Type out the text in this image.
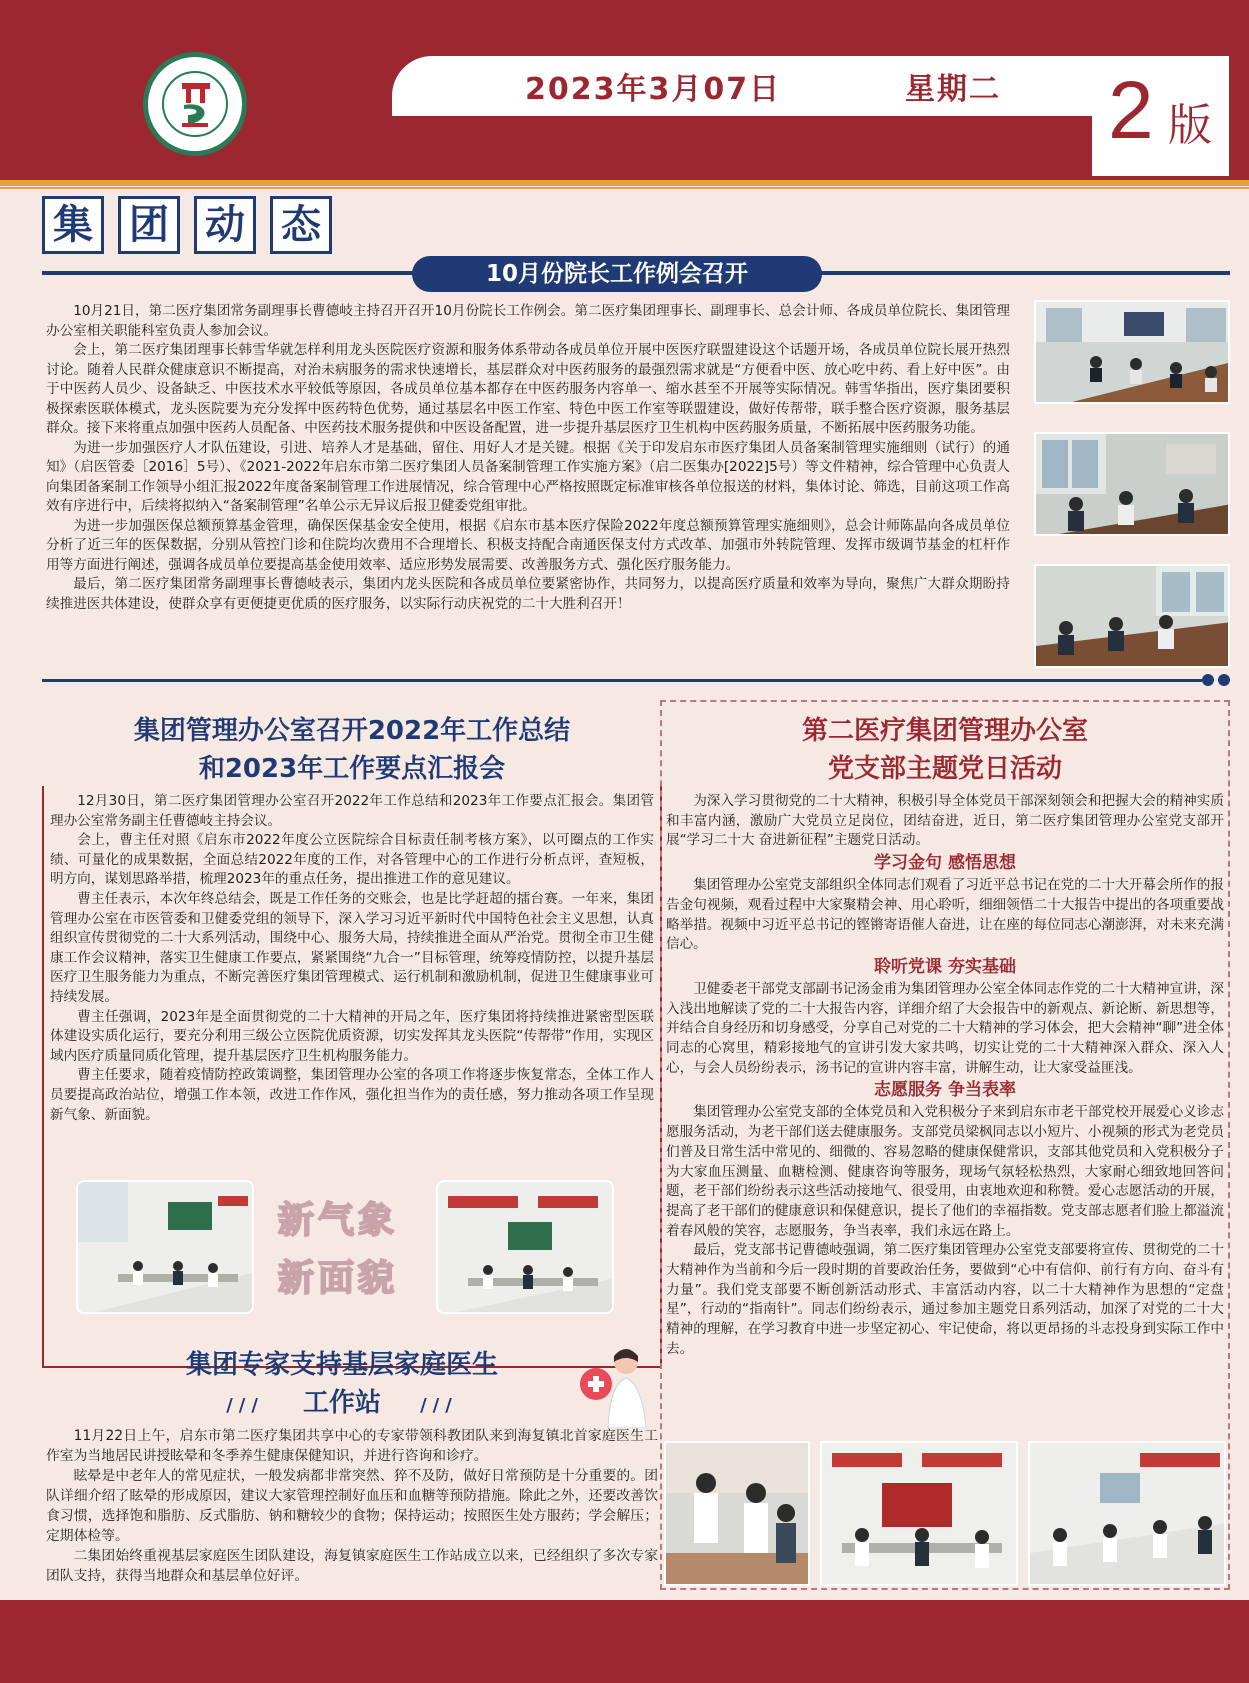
2023年3月07日	星期二 2 版
集 团 动 态
10月份院长工作例会召开

10月21日，第二医疗集团常务副理事长曹德岐主持召开召开10月份院长工作例会。第二医疗集团理事长、副理事长、总会计师、各成员单位院长、集团管理办公室相关职能科室负责人参加会议。

会上，第二医疗集团理事长韩雪华就怎样利用龙头医院医疗资源和服务体系带动各成员单位开展中医医疗联盟建设这个话题开场，各成员单位院长展开热烈讨论。随着人民群众健康意识不断提高，对治未病服务的需求快速增长，基层群众对中医药服务的最强烈需求就是“方便看中医、放心吃中药、看上好中医”。由于中医药人员少、设备缺乏、中医技术水平较低等原因，各成员单位基本都存在中医药服务内容单一、缩水甚至不开展等实际情况。韩雪华指出，医疗集团要积极探索医联体模式，龙头医院要为充分发挥中医药特色优势，通过基层名中医工作室、特色中医工作室等联盟建设，做好传帮带，联手整合医疗资源，服务基层群众。接下来将重点加强中医药人员配备、中医药技术服务提供和中医设备配置，进一步提升基层医疗卫生机构中医药服务质量，不断拓展中医药服务功能。

为进一步加强医疗人才队伍建设，引进、培养人才是基础，留住、用好人才是关键。根据《关于印发启东市医疗集团人员备案制管理实施细则（试行）的通知》（启医管委［2016］5号）、《2021-2022年启东市第二医疗集团人员备案制管理工作实施方案》（启二医集办[2022]5号）等文件精神，综合管理中心负责人向集团备案制工作领导小组汇报2022年度备案制管理工作进展情况，综合管理中心严格按照既定标准审核各单位报送的材料，集体讨论、筛选，目前这项工作高效有序进行中，后续将拟纳入“备案制管理”名单公示无异议后报卫健委党组审批。

为进一步加强医保总额预算基金管理，确保医保基金安全使用，根据《启东市基本医疗保险2022年度总额预算管理实施细则》，总会计师陈晶向各成员单位分析了近三年的医保数据，分别从管控门诊和住院均次费用不合理增长、积极支持配合南通医保支付方式改革、加强市外转院管理、发挥市级调节基金的杠杆作用等方面进行阐述，强调各成员单位要提高基金使用效率、适应形势发展需要、改善服务方式、强化医疗服务能力。

最后，第二医疗集团常务副理事长曹德岐表示，集团内龙头医院和各成员单位要紧密协作，共同努力，以提高医疗质量和效率为导向，聚焦广大群众期盼持续推进医共体建设，使群众享有更便捷更优质的医疗服务，以实际行动庆祝党的二十大胜利召开！

集团管理办公室召开2022年工作总结
和2023年工作要点汇报会

12月30日，第二医疗集团管理办公室召开2022年工作总结和2023年工作要点汇报会。集团管理办公室常务副主任曹德岐主持会议。

会上，曹主任对照《启东市2022年度公立医院综合目标责任制考核方案》，以可圈点的工作实绩、可量化的成果数据，全面总结2022年度的工作，对各管理中心的工作进行分析点评，查短板，明方向，谋划思路举措，梳理2023年的重点任务，提出推进工作的意见建议。

曹主任表示，本次年终总结会，既是工作任务的交账会，也是比学赶超的擂台赛。一年来，集团管理办公室在市医管委和卫健委党组的领导下，深入学习习近平新时代中国特色社会主义思想，认真组织宣传贯彻党的二十大系列活动，围绕中心、服务大局，持续推进全面从严治党。贯彻全市卫生健康工作会议精神，落实卫生健康工作要点，紧紧围绕“九合一”目标管理，统筹疫情防控，以提升基层医疗卫生服务能力为重点，不断完善医疗集团管理模式、运行机制和激励机制，促进卫生健康事业可持续发展。

曹主任强调，2023年是全面贯彻党的二十大精神的开局之年，医疗集团将持续推进紧密型医联体建设实质化运行，要充分利用三级公立医院优质资源，切实发挥其龙头医院“传帮带”作用，实现区域内医疗质量同质化管理，提升基层医疗卫生机构服务能力。

曹主任要求，随着疫情防控政策调整，集团管理办公室的各项工作将逐步恢复常态，全体工作人员要提高政治站位，增强工作本领，改进工作作风，强化担当作为的责任感，努力推动各项工作呈现新气象、新面貌。

新气象
新面貌
集团专家支持基层家庭医生
/// 工作站 ///

11月22日上午，启东市第二医疗集团共享中心的专家带领科教团队来到海复镇北首家庭医生工作室为当地居民讲授眩晕和冬季养生健康保健知识，并进行咨询和诊疗。

眩晕是中老年人的常见症状，一般发病都非常突然、猝不及防，做好日常预防是十分重要的。团队详细介绍了眩晕的形成原因，建议大家管理控制好血压和血糖等预防措施。除此之外，还要改善饮食习惯，选择饱和脂肪、反式脂肪、钠和糖较少的食物；保持运动；按照医生处方服药；学会解压；定期体检等。

二集团始终重视基层家庭医生团队建设，海复镇家庭医生工作站成立以来，已经组织了多次专家团队支持，获得当地群众和基层单位好评。

第二医疗集团管理办公室
党支部主题党日活动

为深入学习贯彻党的二十大精神，积极引导全体党员干部深刻领会和把握大会的精神实质和丰富内涵，激励广大党员立足岗位，团结奋进，近日，第二医疗集团管理办公室党支部开展“学习二十大 奋进新征程”主题党日活动。

学习金句 感悟思想

集团管理办公室党支部组织全体同志们观看了习近平总书记在党的二十大开幕会所作的报告金句视频，观看过程中大家聚精会神、用心聆听，细细领悟二十大报告中提出的各项重要战略举措。视频中习近平总书记的铿锵寄语催人奋进，让在座的每位同志心潮澎湃，对未来充满信心。

聆听党课 夯实基础

卫健委老干部党支部副书记汤金甫为集团管理办公室全体同志作党的二十大精神宣讲，深入浅出地解读了党的二十大报告内容，详细介绍了大会报告中的新观点、新论断、新思想等，并结合自身经历和切身感受，分享自己对党的二十大精神的学习体会，把大会精神“聊”进全体同志的心窝里，精彩接地气的宣讲引发大家共鸣，切实让党的二十大精神深入群众、深入人心，与会人员纷纷表示，汤书记的宣讲内容丰富，讲解生动，让大家受益匪浅。

志愿服务 争当表率

集团管理办公室党支部的全体党员和入党积极分子来到启东市老干部党校开展爱心义诊志愿服务活动，为老干部们送去健康服务。支部党员梁枫同志以小短片、小视频的形式为老党员们普及日常生活中常见的、细微的、容易忽略的健康保健常识，支部其他党员和入党积极分子为大家血压测量、血糖检测、健康咨询等服务，现场气氛轻松热烈，大家耐心细致地回答问题，老干部们纷纷表示这些活动接地气、很受用，由衷地欢迎和称赞。爱心志愿活动的开展，提高了老干部们的健康意识和保健意识，提长了他们的幸福指数。党支部志愿者们脸上都溢流着春风般的笑容，志愿服务，争当表率，我们永远在路上。

最后，党支部书记曹德岐强调，第二医疗集团管理办公室党支部要将宣传、贯彻党的二十大精神作为当前和今后一段时期的首要政治任务，要做到“心中有信仰、前行有方向、奋斗有力量”。我们党支部要不断创新活动形式、丰富活动内容，以二十大精神作为思想的“定盘星”，行动的“指南针”。同志们纷纷表示，通过参加主题党日系列活动，加深了对党的二十大精神的理解，在学习教育中进一步坚定初心、牢记使命，将以更昂扬的斗志投身到实际工作中去。
